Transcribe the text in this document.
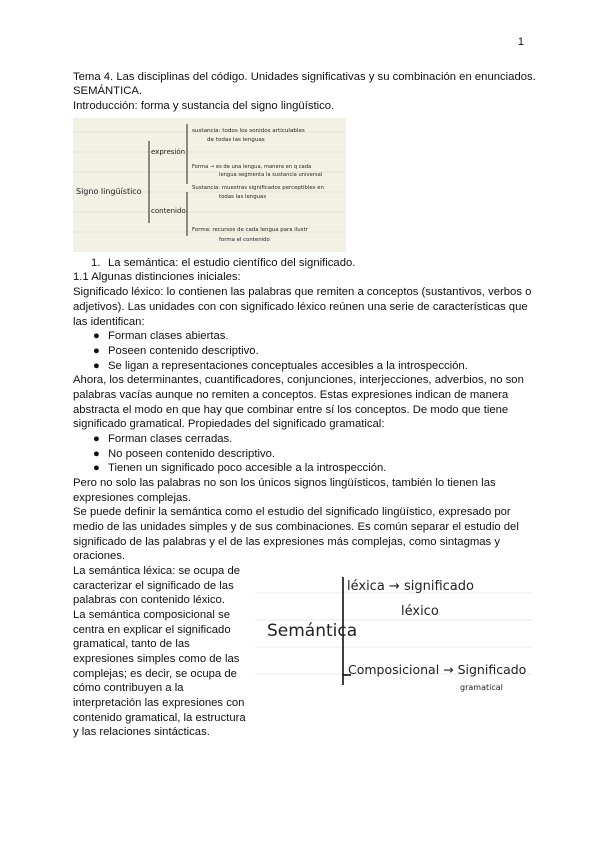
1
Tema 4. Las disciplinas del código. Unidades significativas y su combinación en enunciados.
SEMÁNTICA.
Introducción: forma y sustancia del signo lingüístico.
Signo lingüístico
expresión
contenido
sustancia: todos los sonidos articulables
de todas las lenguas
Forma → es de una lengua, manera en q cada
lengua segmenta la sustancia universal
Sustancia: muestras significados perceptibles en
todas las lenguas
Forma: recursos de cada lengua para ilustr
forma el contenido
1. La semántica: el estudio científico del significado.
1.1 Algunas distinciones iniciales:
Significado léxico: lo contienen las palabras que remiten a conceptos (sustantivos, verbos o
adjetivos). Las unidades con con significado léxico reúnen una serie de características que
las identifican:
● Forman clases abiertas.
● Poseen contenido descriptivo.
● Se ligan a representaciones conceptuales accesibles a la introspección.
Ahora, los determinantes, cuantificadores, conjunciones, interjecciones, adverbios, no son
palabras vacías aunque no remiten a conceptos. Estas expresiones indican de manera
abstracta el modo en que hay que combinar entre sí los conceptos. De modo que tiene
significado gramatical. Propiedades del significado gramatical:
● Forman clases cerradas.
● No poseen contenido descriptivo.
● Tienen un significado poco accesible a la introspección.
Pero no solo las palabras no son los únicos signos lingüísticos, también lo tienen las
expresiones complejas.
Se puede definir la semántica como el estudio del significado lingüístico, expresado por
medio de las unidades simples y de sus combinaciones. Es común separar el estudio del
significado de las palabras y el de las expresiones más complejas, como sintagmas y
oraciones.
La semántica léxica: se ocupa de
caracterizar el significado de las
palabras con contenido léxico.
La semántica composicional se
centra en explicar el significado
gramatical, tanto de las
expresiones simples como de las
complejas; es decir, se ocupa de
cómo contribuyen a la
interpretación las expresiones con
contenido gramatical, la estructura
y las relaciones sintácticas.
Semántica
léxica → significado
léxico
Composicional → Significado
gramatical
